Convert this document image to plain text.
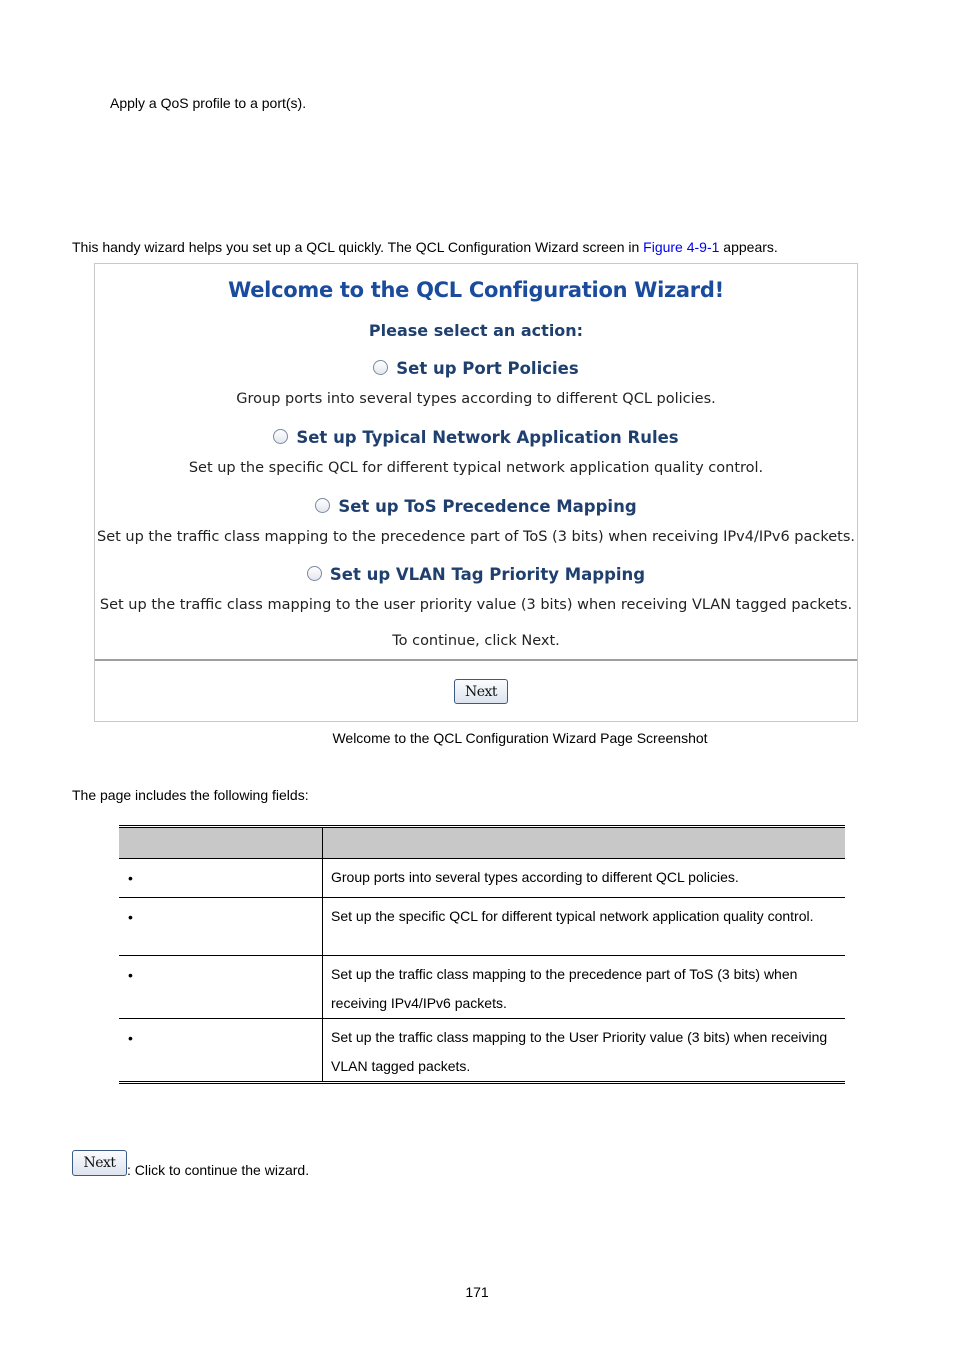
Apply a QoS profile to a port(s).
This handy wizard helps you set up a QCL quickly. The QCL Configuration Wizard screen in Figure 4-9-1 appears.
Welcome to the QCL Configuration Wizard!
Please select an action:
Set up Port Policies
Group ports into several types according to different QCL policies.
Set up Typical Network Application Rules
Set up the specific QCL for different typical network application quality control.
Set up ToS Precedence Mapping
Set up the traffic class mapping to the precedence part of ToS (3 bits) when receiving IPv4/IPv6 packets.
Set up VLAN Tag Priority Mapping
Set up the traffic class mapping to the user priority value (3 bits) when receiving VLAN tagged packets.
To continue, click Next.
Next
Welcome to the QCL Configuration Wizard Page Screenshot
The page includes the following fields:

•	Group ports into several types according to different QCL policies.

•	Set up the specific QCL for different typical network application quality control.

•	Set up the traffic class mapping to the precedence part of ToS (3 bits) when receiving IPv4/IPv6 packets.

•	Set up the traffic class mapping to the User Priority value (3 bits) when receiving VLAN tagged packets.
Next : Click to continue the wizard.
171
